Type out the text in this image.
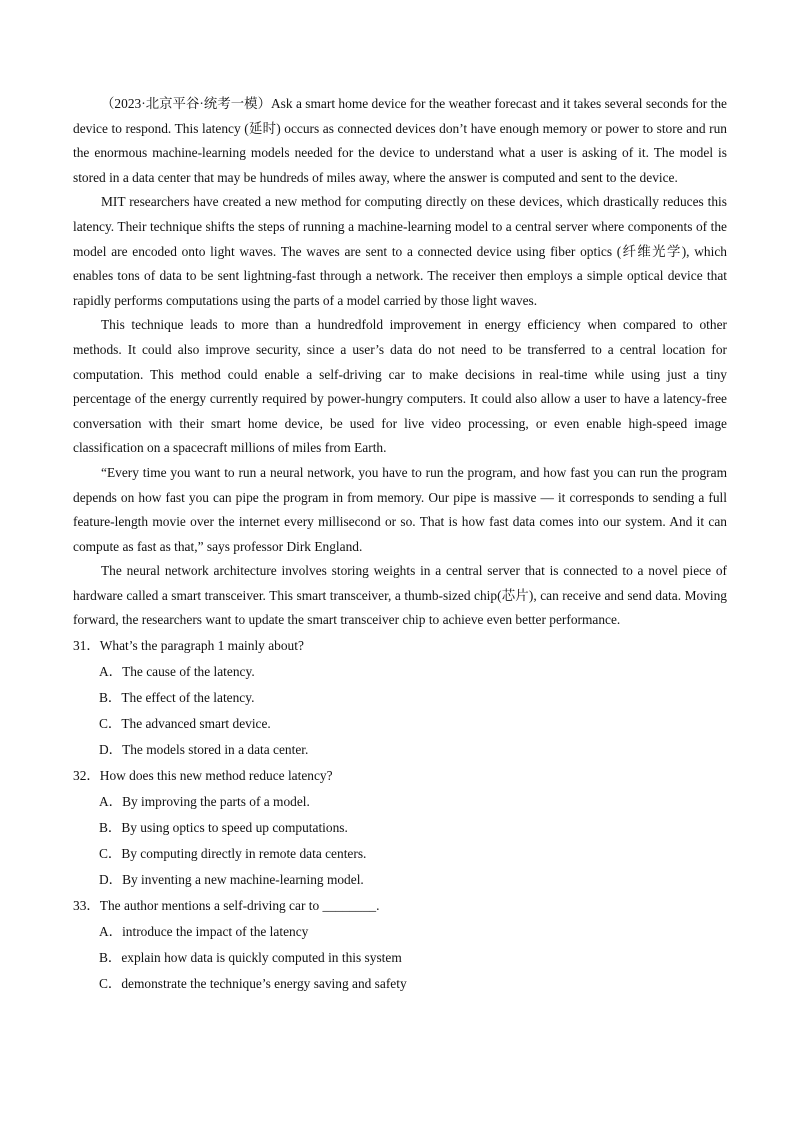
（2023·北京平谷·统考一模）Ask a smart home device for the weather forecast and it takes several seconds for the device to respond. This latency (延时) occurs as connected devices don’t have enough memory or power to store and run the enormous machine-learning models needed for the device to understand what a user is asking of it. The model is stored in a data center that may be hundreds of miles away, where the answer is computed and sent to the device.

MIT researchers have created a new method for computing directly on these devices, which drastically reduces this latency. Their technique shifts the steps of running a machine-learning model to a central server where components of the model are encoded onto light waves. The waves are sent to a connected device using fiber optics (纤维光学), which enables tons of data to be sent lightning-fast through a network. The receiver then employs a simple optical device that rapidly performs computations using the parts of a model carried by those light waves.

This technique leads to more than a hundredfold improvement in energy efficiency when compared to other methods. It could also improve security, since a user’s data do not need to be transferred to a central location for computation. This method could enable a self-driving car to make decisions in real-time while using just a tiny percentage of the energy currently required by power-hungry computers. It could also allow a user to have a latency-free conversation with their smart home device, be used for live video processing, or even enable high-speed image classification on a spacecraft millions of miles from Earth.

“Every time you want to run a neural network, you have to run the program, and how fast you can run the program depends on how fast you can pipe the program in from memory. Our pipe is massive — it corresponds to sending a full feature-length movie over the internet every millisecond or so. That is how fast data comes into our system. And it can compute as fast as that,” says professor Dirk England.

The neural network architecture involves storing weights in a central server that is connected to a novel piece of hardware called a smart transceiver. This smart transceiver, a thumb-sized chip(芯片), can receive and send data. Moving forward, the researchers want to update the smart transceiver chip to achieve even better performance.

31．What’s the paragraph 1 mainly about?

A．The cause of the latency.
B．The effect of the latency.
C．The advanced smart device.
D．The models stored in a data center.

32．How does this new method reduce latency?

A．By improving the parts of a model.
B．By using optics to speed up computations.
C．By computing directly in remote data centers.
D．By inventing a new machine-learning model.

33．The author mentions a self-driving car to ________.

A．introduce the impact of the latency
B．explain how data is quickly computed in this system
C．demonstrate the technique’s energy saving and safety
